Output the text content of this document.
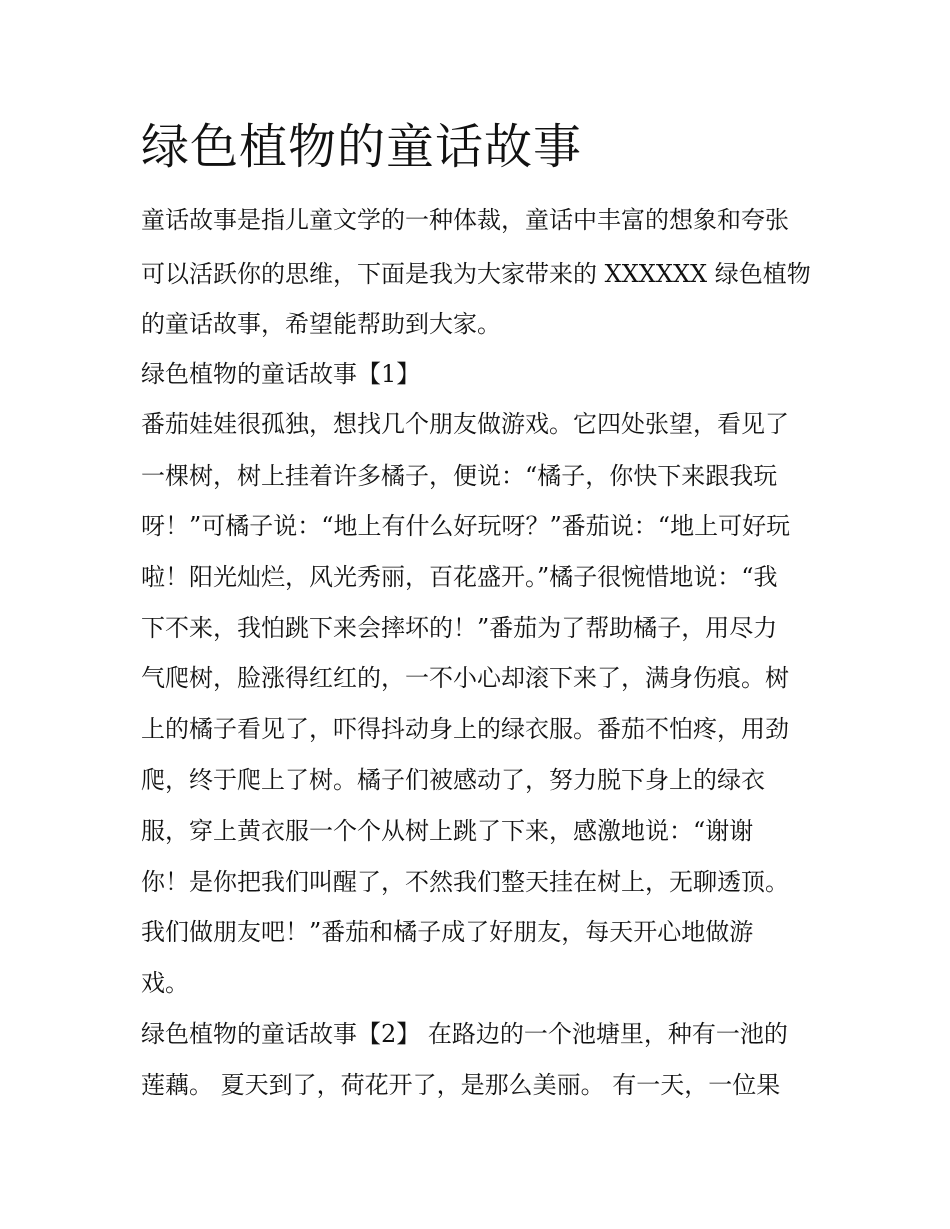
绿色植物的童话故事
童话故事是指儿童文学的一种体裁，童话中丰富的想象和夸张
可以活跃你的思维，下面是我为大家带来的 XXXXXX 绿色植物
的童话故事，希望能帮助到大家。
绿色植物的童话故事【1】
番茄娃娃很孤独，想找几个朋友做游戏。它四处张望，看见了
一棵树，树上挂着许多橘子，便说：“橘子，你快下来跟我玩
呀！”可橘子说：“地上有什么好玩呀？”番茄说：“地上可好玩
啦！阳光灿烂，风光秀丽，百花盛开。”橘子很惋惜地说：“我
下不来，我怕跳下来会摔坏的！”番茄为了帮助橘子，用尽力
气爬树，脸涨得红红的，一不小心却滚下来了，满身伤痕。树
上的橘子看见了，吓得抖动身上的绿衣服。番茄不怕疼，用劲
爬，终于爬上了树。橘子们被感动了，努力脱下身上的绿衣
服，穿上黄衣服一个个从树上跳了下来，感激地说：“谢谢
你！是你把我们叫醒了，不然我们整天挂在树上，无聊透顶。
我们做朋友吧！”番茄和橘子成了好朋友，每天开心地做游
戏。
绿色植物的童话故事【2】 在路边的一个池塘里，种有一池的
莲藕。 夏天到了，荷花开了，是那么美丽。 有一天，一位果
